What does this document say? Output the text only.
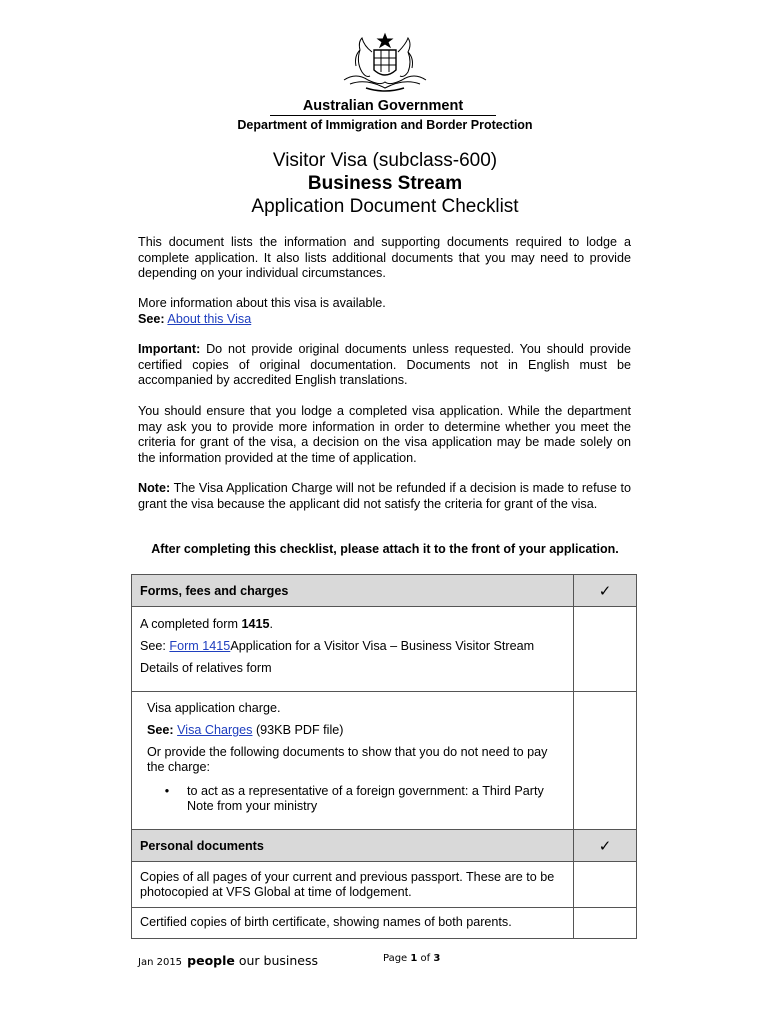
Australian Government
Department of Immigration and Border Protection
Visitor Visa (subclass-600)
Business Stream
Application Document Checklist

This document lists the information and supporting documents required to lodge a complete application. It also lists additional documents that you may need to provide depending on your individual circumstances.

More information about this visa is available.
See: About this Visa

Important: Do not provide original documents unless requested. You should provide certified copies of original documentation. Documents not in English must be accompanied by accredited English translations.

You should ensure that you lodge a completed visa application. While the department may ask you to provide more information in order to determine whether you meet the criteria for grant of the visa, a decision on the visa application may be made solely on the information provided at the time of application.

Note: The Visa Application Charge will not be refunded if a decision is made to refuse to grant the visa because the applicant did not satisfy the criteria for grant of the visa.

After completing this checklist, please attach it to the front of your application.
Forms, fees and charges	✓

A completed form 1415.

See: Form 1415Application for a Visitor Visa – Business Visitor Stream

Details of relatives form	

Visa application charge.

See: Visa Charges (93KB PDF file)

Or provide the following documents to show that you do not need to pay the charge:

• to act as a representative of a foreign government: a Third Party Note from your ministry	

Personal documents	✓

Copies of all pages of your current and previous passport. These are to be photocopied at VFS Global at time of lodgement.	

Certified copies of birth certificate, showing names of both parents.	

Jan 2015 people our business	Page 1 of 3
